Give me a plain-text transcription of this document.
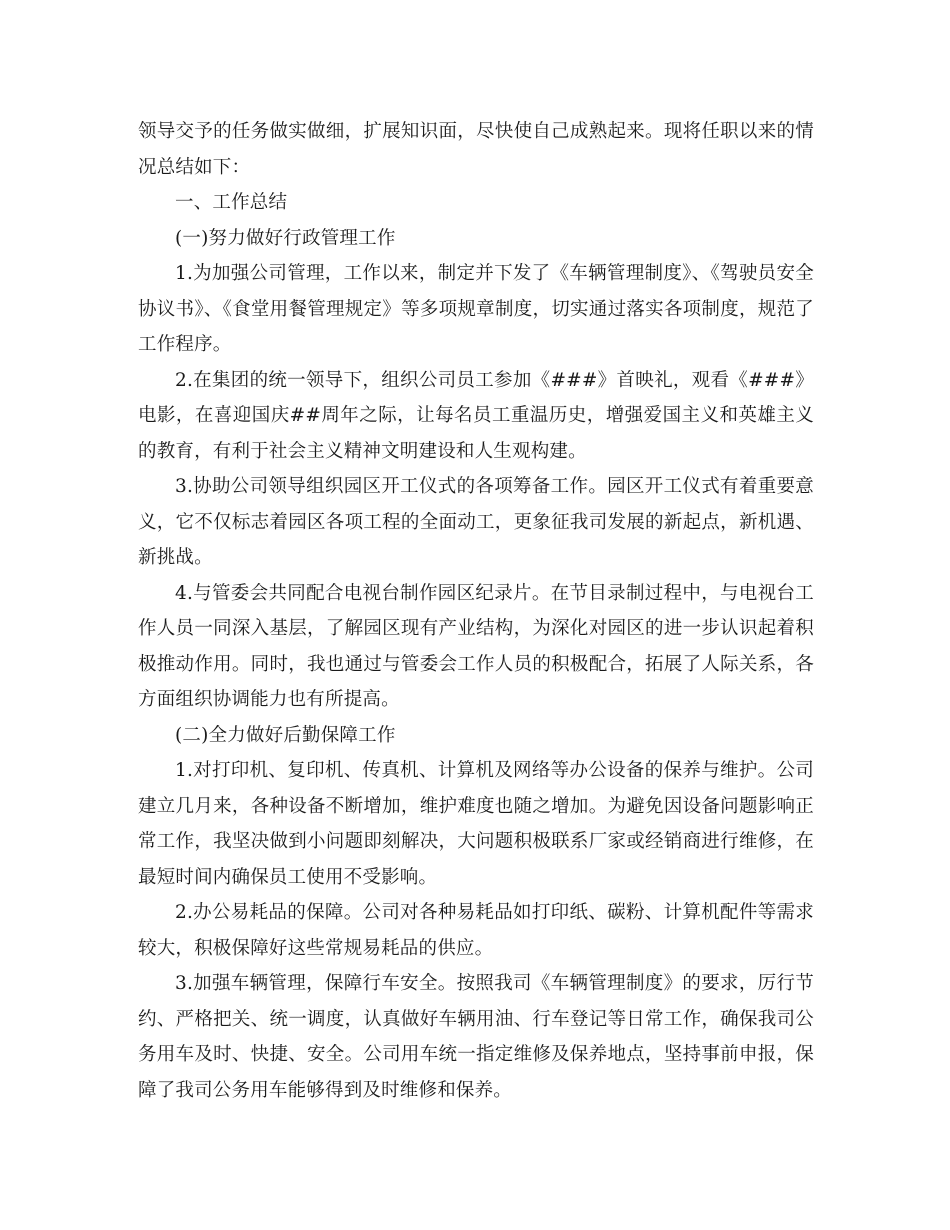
领导交予的任务做实做细，扩展知识面，尽快使自己成熟起来。现将任职以来的情况总结如下：

一、工作总结

(一)努力做好行政管理工作

1.为加强公司管理，工作以来，制定并下发了《车辆管理制度》、《驾驶员安全协议书》、《食堂用餐管理规定》等多项规章制度，切实通过落实各项制度，规范了工作程序。

2.在集团的统一领导下，组织公司员工参加《###》首映礼，观看《###》电影，在喜迎国庆##周年之际，让每名员工重温历史，增强爱国主义和英雄主义的教育，有利于社会主义精神文明建设和人生观构建。

3.协助公司领导组织园区开工仪式的各项筹备工作。园区开工仪式有着重要意义，它不仅标志着园区各项工程的全面动工，更象征我司发展的新起点，新机遇、新挑战。

4.与管委会共同配合电视台制作园区纪录片。在节目录制过程中，与电视台工作人员一同深入基层，了解园区现有产业结构，为深化对园区的进一步认识起着积极推动作用。同时，我也通过与管委会工作人员的积极配合，拓展了人际关系，各方面组织协调能力也有所提高。

(二)全力做好后勤保障工作

1.对打印机、复印机、传真机、计算机及网络等办公设备的保养与维护。公司建立几月来，各种设备不断增加，维护难度也随之增加。为避免因设备问题影响正常工作，我坚决做到小问题即刻解决，大问题积极联系厂家或经销商进行维修，在最短时间内确保员工使用不受影响。

2.办公易耗品的保障。公司对各种易耗品如打印纸、碳粉、计算机配件等需求较大，积极保障好这些常规易耗品的供应。

3.加强车辆管理，保障行车安全。按照我司《车辆管理制度》的要求，厉行节约、严格把关、统一调度，认真做好车辆用油、行车登记等日常工作，确保我司公务用车及时、快捷、安全。公司用车统一指定维修及保养地点，坚持事前申报，保障了我司公务用车能够得到及时维修和保养。
